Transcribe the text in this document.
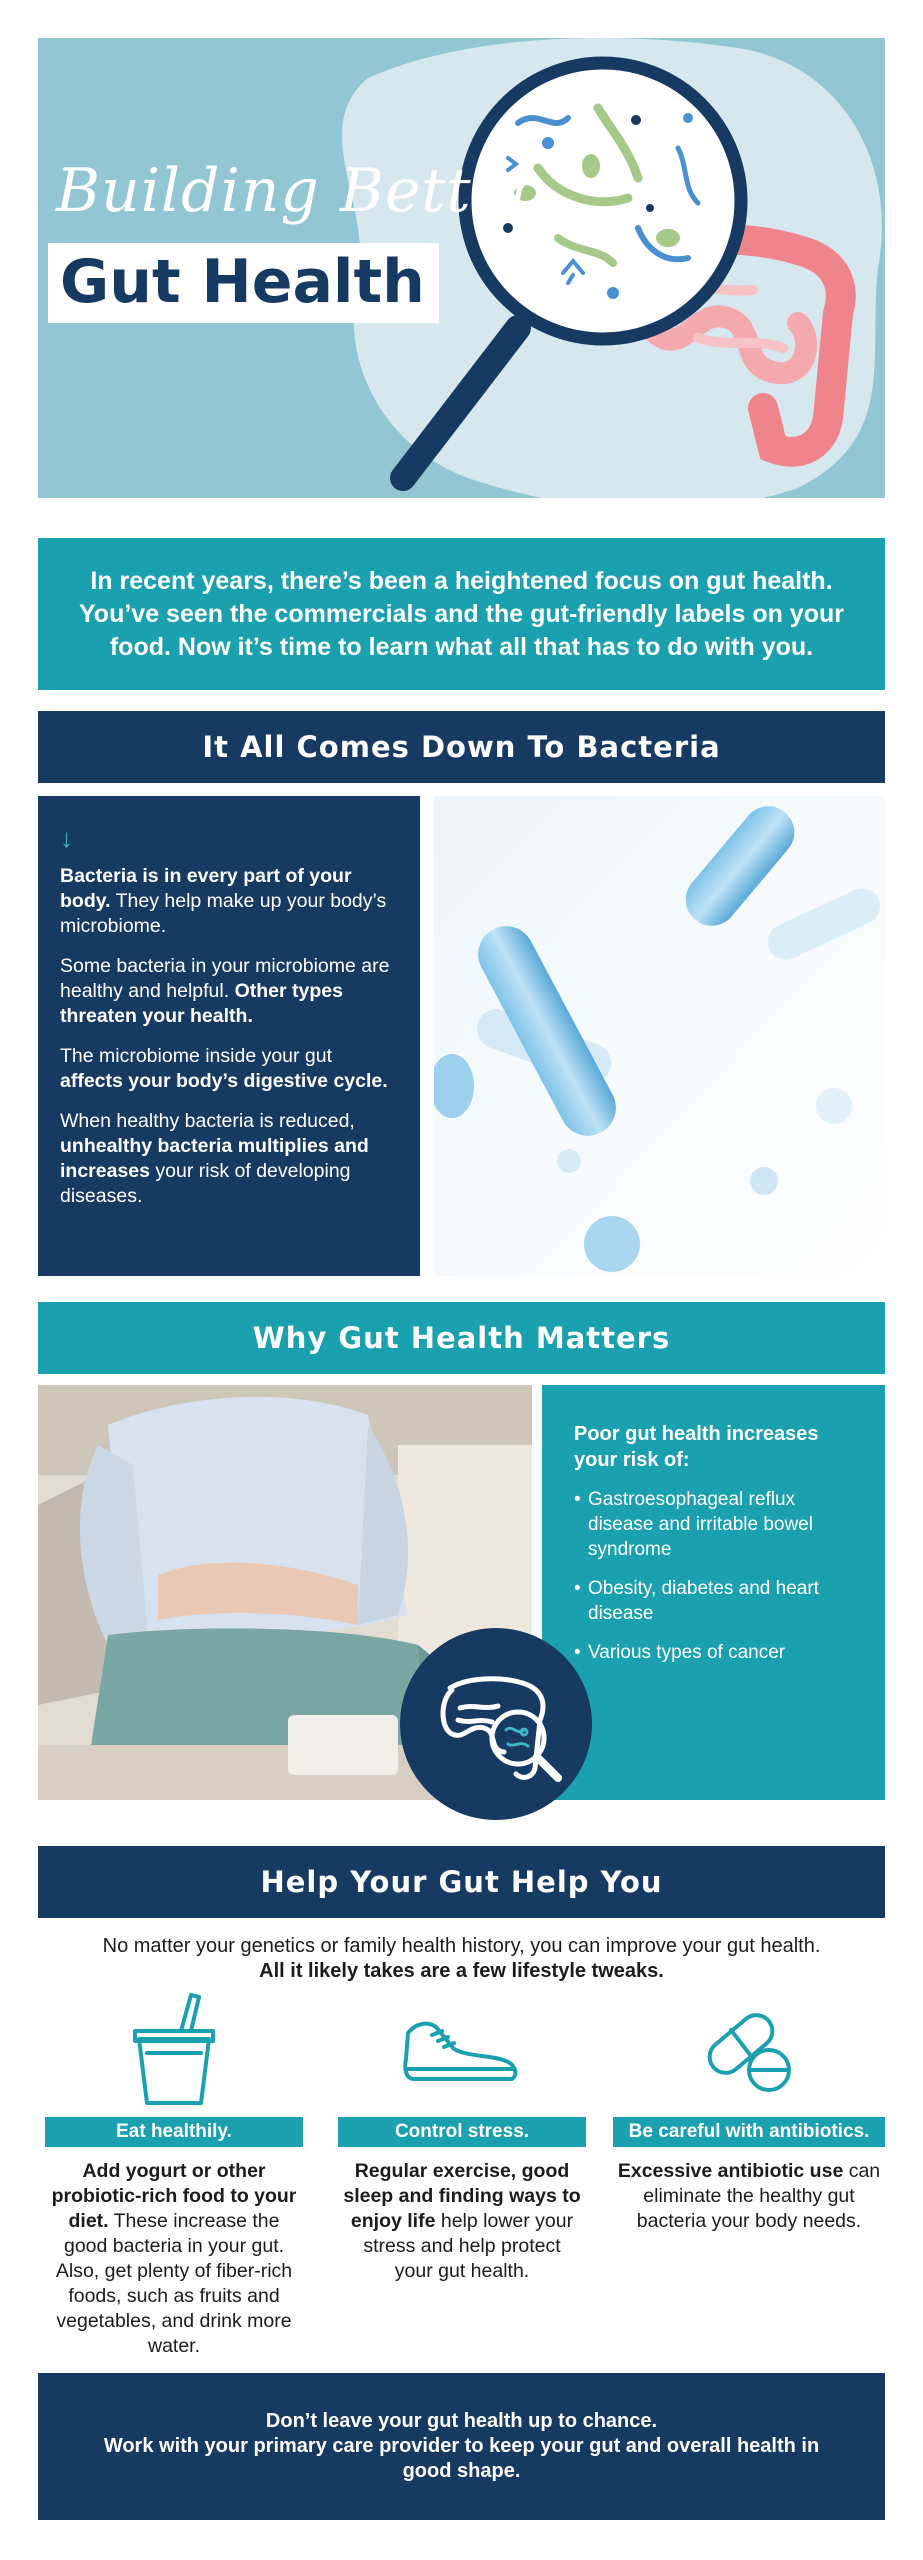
Building Better
Gut Health

In recent years, there’s been a heightened focus on gut health. You’ve seen the commercials and the gut-friendly labels on your food. Now it’s time to learn what all that has to do with you.

It All Comes Down To Bacteria
↓

Bacteria is in every part of your body. They help make up your body’s microbiome.

Some bacteria in your microbiome are healthy and helpful. Other types threaten your health.

The microbiome inside your gut affects your body’s digestive cycle.

When healthy bacteria is reduced, unhealthy bacteria multiplies and increases your risk of developing diseases.

Why Gut Health Matters

Poor gut health increases your risk of:

• Gastroesophageal reflux disease and irritable bowel syndrome
• Obesity, diabetes and heart disease
• Various types of cancer
Help Your Gut Help You
No matter your genetics or family health history, you can improve your gut health.
All it likely takes are a few lifestyle tweaks.
Eat healthily.
Add yogurt or other probiotic-rich food to your diet. These increase the good bacteria in your gut. Also, get plenty of fiber-rich foods, such as fruits and vegetables, and drink more water.
Control stress.
Regular exercise, good sleep and finding ways to enjoy life help lower your stress and help protect your gut health.
Be careful with antibiotics.
Excessive antibiotic use can eliminate the healthy gut bacteria your body needs.

Don’t leave your gut health up to chance.
Work with your primary care provider to keep your gut and overall health in good shape.
